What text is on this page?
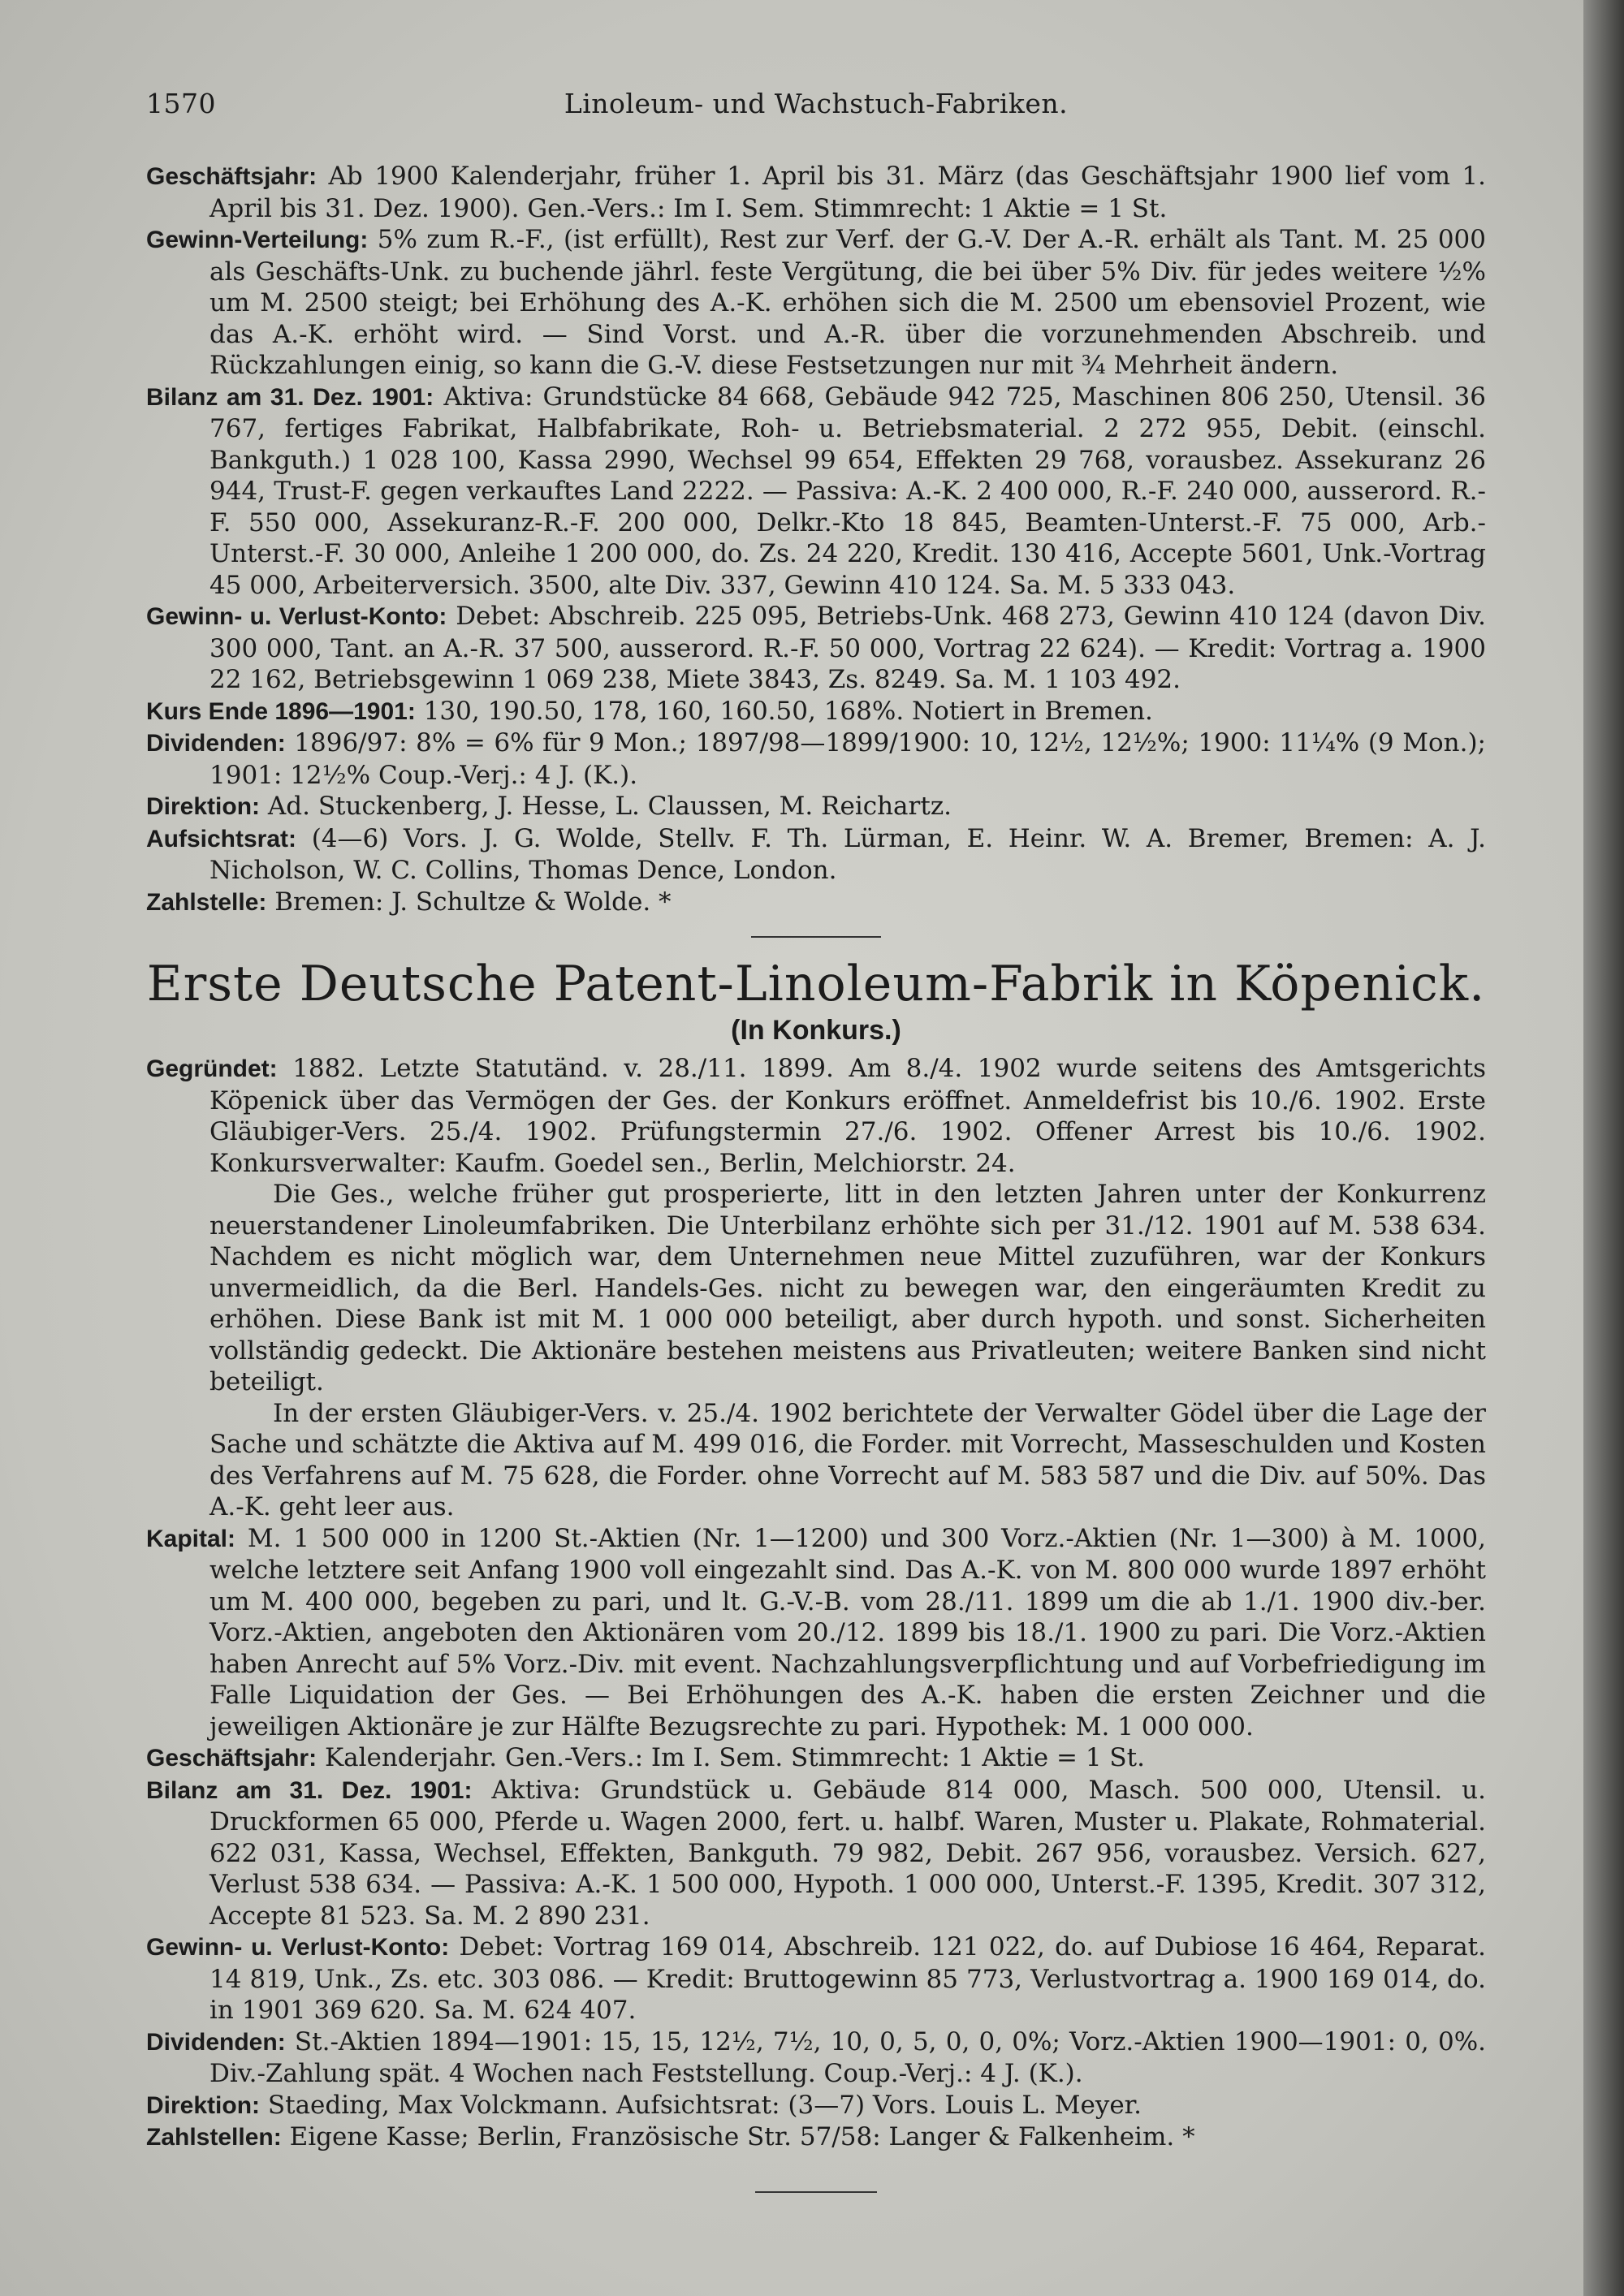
1570	Linoleum- und Wachstuch-Fabriken.

Geschäftsjahr: Ab 1900 Kalenderjahr, früher 1. April bis 31. März (das Geschäftsjahr 1900 lief vom 1. April bis 31. Dez. 1900). Gen.-Vers.: Im I. Sem. Stimmrecht: 1 Aktie = 1 St.

Gewinn-Verteilung: 5% zum R.-F., (ist erfüllt), Rest zur Verf. der G.-V. Der A.-R. erhält als Tant. M. 25 000 als Geschäfts-Unk. zu buchende jährl. feste Vergütung, die bei über 5% Div. für jedes weitere ½% um M. 2500 steigt; bei Erhöhung des A.-K. erhöhen sich die M. 2500 um ebensoviel Prozent, wie das A.-K. erhöht wird. — Sind Vorst. und A.-R. über die vorzunehmenden Abschreib. und Rückzahlungen einig, so kann die G.-V. diese Festsetzungen nur mit ¾ Mehrheit ändern.

Bilanz am 31. Dez. 1901: Aktiva: Grundstücke 84 668, Gebäude 942 725, Maschinen 806 250, Utensil. 36 767, fertiges Fabrikat, Halbfabrikate, Roh- u. Betriebsmaterial. 2 272 955, Debit. (einschl. Bankguth.) 1 028 100, Kassa 2990, Wechsel 99 654, Effekten 29 768, vorausbez. Assekuranz 26 944, Trust-F. gegen verkauftes Land 2222. — Passiva: A.-K. 2 400 000, R.-F. 240 000, ausserord. R.-F. 550 000, Assekuranz-R.-F. 200 000, Delkr.-Kto 18 845, Beamten-Unterst.-F. 75 000, Arb.-Unterst.-F. 30 000, Anleihe 1 200 000, do. Zs. 24 220, Kredit. 130 416, Accepte 5601, Unk.-Vortrag 45 000, Arbeiterversich. 3500, alte Div. 337, Gewinn 410 124. Sa. M. 5 333 043.

Gewinn- u. Verlust-Konto: Debet: Abschreib. 225 095, Betriebs-Unk. 468 273, Gewinn 410 124 (davon Div. 300 000, Tant. an A.-R. 37 500, ausserord. R.-F. 50 000, Vortrag 22 624). — Kredit: Vortrag a. 1900 22 162, Betriebsgewinn 1 069 238, Miete 3843, Zs. 8249. Sa. M. 1 103 492.

Kurs Ende 1896—1901: 130, 190.50, 178, 160, 160.50, 168%. Notiert in Bremen.

Dividenden: 1896/97: 8% = 6% für 9 Mon.; 1897/98—1899/1900: 10, 12½, 12½%; 1900: 11¼% (9 Mon.); 1901: 12½% Coup.-Verj.: 4 J. (K.).

Direktion: Ad. Stuckenberg, J. Hesse, L. Claussen, M. Reichartz.

Aufsichtsrat: (4—6) Vors. J. G. Wolde, Stellv. F. Th. Lürman, E. Heinr. W. A. Bremer, Bremen: A. J. Nicholson, W. C. Collins, Thomas Dence, London.

Zahlstelle: Bremen: J. Schultze & Wolde. *

Erste Deutsche Patent-Linoleum-Fabrik in Köpenick.
(In Konkurs.)

Gegründet: 1882. Letzte Statutänd. v. 28./11. 1899. Am 8./4. 1902 wurde seitens des Amtsgerichts Köpenick über das Vermögen der Ges. der Konkurs eröffnet. Anmeldefrist bis 10./6. 1902. Erste Gläubiger-Vers. 25./4. 1902. Prüfungstermin 27./6. 1902. Offener Arrest bis 10./6. 1902. Konkursverwalter: Kaufm. Goedel sen., Berlin, Melchiorstr. 24.

Die Ges., welche früher gut prosperierte, litt in den letzten Jahren unter der Konkurrenz neuerstandener Linoleumfabriken. Die Unterbilanz erhöhte sich per 31./12. 1901 auf M. 538 634. Nachdem es nicht möglich war, dem Unternehmen neue Mittel zuzuführen, war der Konkurs unvermeidlich, da die Berl. Handels-Ges. nicht zu bewegen war, den eingeräumten Kredit zu erhöhen. Diese Bank ist mit M. 1 000 000 beteiligt, aber durch hypoth. und sonst. Sicherheiten vollständig gedeckt. Die Aktionäre bestehen meistens aus Privatleuten; weitere Banken sind nicht beteiligt.

In der ersten Gläubiger-Vers. v. 25./4. 1902 berichtete der Verwalter Gödel über die Lage der Sache und schätzte die Aktiva auf M. 499 016, die Forder. mit Vorrecht, Masseschulden und Kosten des Verfahrens auf M. 75 628, die Forder. ohne Vorrecht auf M. 583 587 und die Div. auf 50%. Das A.-K. geht leer aus.

Kapital: M. 1 500 000 in 1200 St.-Aktien (Nr. 1—1200) und 300 Vorz.-Aktien (Nr. 1—300) à M. 1000, welche letztere seit Anfang 1900 voll eingezahlt sind. Das A.-K. von M. 800 000 wurde 1897 erhöht um M. 400 000, begeben zu pari, und lt. G.-V.-B. vom 28./11. 1899 um die ab 1./1. 1900 div.-ber. Vorz.-Aktien, angeboten den Aktionären vom 20./12. 1899 bis 18./1. 1900 zu pari. Die Vorz.-Aktien haben Anrecht auf 5% Vorz.-Div. mit event. Nachzahlungsverpflichtung und auf Vorbefriedigung im Falle Liquidation der Ges. — Bei Erhöhungen des A.-K. haben die ersten Zeichner und die jeweiligen Aktionäre je zur Hälfte Bezugsrechte zu pari. Hypothek: M. 1 000 000.

Geschäftsjahr: Kalenderjahr. Gen.-Vers.: Im I. Sem. Stimmrecht: 1 Aktie = 1 St.

Bilanz am 31. Dez. 1901: Aktiva: Grundstück u. Gebäude 814 000, Masch. 500 000, Utensil. u. Druckformen 65 000, Pferde u. Wagen 2000, fert. u. halbf. Waren, Muster u. Plakate, Rohmaterial. 622 031, Kassa, Wechsel, Effekten, Bankguth. 79 982, Debit. 267 956, vorausbez. Versich. 627, Verlust 538 634. — Passiva: A.-K. 1 500 000, Hypoth. 1 000 000, Unterst.-F. 1395, Kredit. 307 312, Accepte 81 523. Sa. M. 2 890 231.

Gewinn- u. Verlust-Konto: Debet: Vortrag 169 014, Abschreib. 121 022, do. auf Dubiose 16 464, Reparat. 14 819, Unk., Zs. etc. 303 086. — Kredit: Bruttogewinn 85 773, Verlustvortrag a. 1900 169 014, do. in 1901 369 620. Sa. M. 624 407.

Dividenden: St.-Aktien 1894—1901: 15, 15, 12½, 7½, 10, 0, 5, 0, 0, 0%; Vorz.-Aktien 1900—1901: 0, 0%. Div.-Zahlung spät. 4 Wochen nach Feststellung. Coup.-Verj.: 4 J. (K.).

Direktion: Staeding, Max Volckmann. Aufsichtsrat: (3—7) Vors. Louis L. Meyer.

Zahlstellen: Eigene Kasse; Berlin, Französische Str. 57/58: Langer & Falkenheim. *
